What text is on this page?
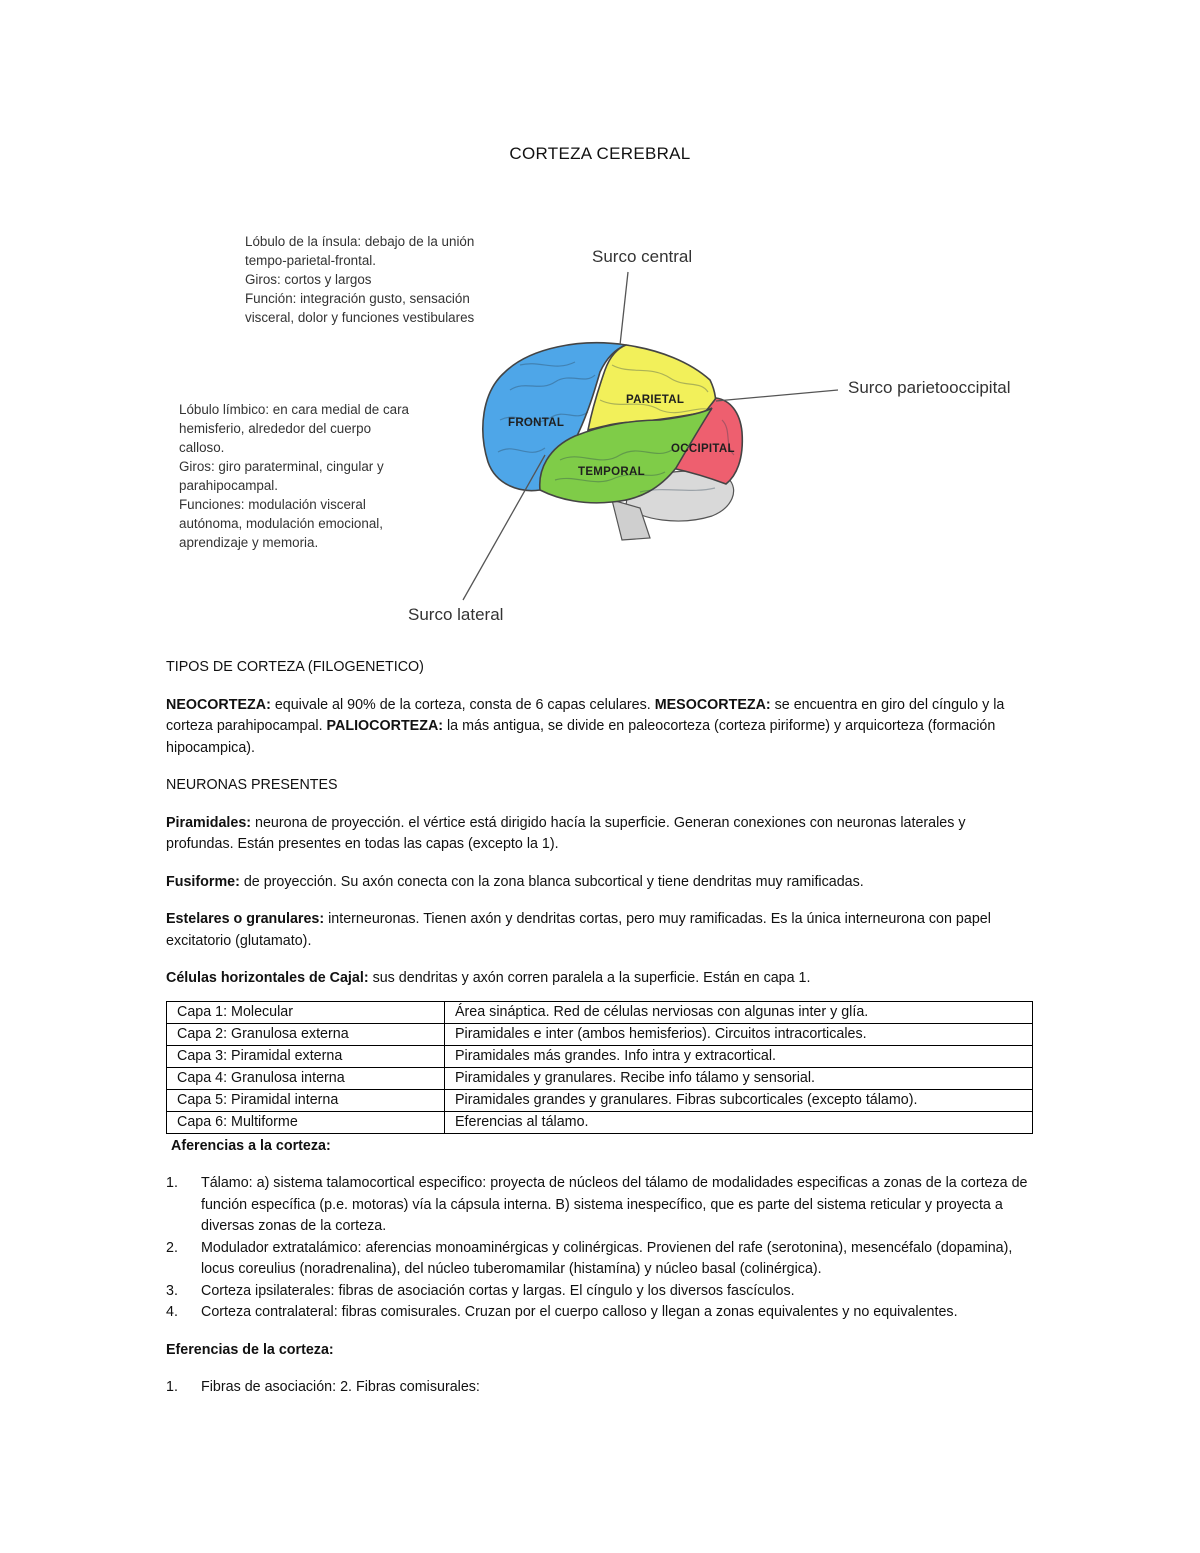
CORTEZA CEREBRAL
Lóbulo de la ínsula: debajo de la unión
tempo-parietal-frontal.
Giros: cortos y largos
Función: integración gusto, sensación
visceral, dolor y funciones vestibulares
Lóbulo límbico: en cara medial de cara
hemisferio, alrededor del cuerpo
calloso.
Giros: giro paraterminal, cingular y
parahipocampal.
Funciones: modulación visceral
autónoma, modulación emocional,
aprendizaje y memoria.
FRONTAL
PARIETAL
OCCIPITAL
TEMPORAL
Surco central
Surco parietooccipital
Surco lateral

TIPOS DE CORTEZA (FILOGENETICO)

NEOCORTEZA: equivale al 90% de la corteza, consta de 6 capas celulares. MESOCORTEZA: se encuentra en giro del cíngulo y la corteza parahipocampal. PALIOCORTEZA: la más antigua, se divide en paleocorteza (corteza piriforme) y arquicorteza (formación hipocampica).

NEURONAS PRESENTES

Piramidales: neurona de proyección. el vértice está dirigido hacía la superficie. Generan conexiones con neuronas laterales y profundas. Están presentes en todas las capas (excepto la 1).

Fusiforme: de proyección. Su axón conecta con la zona blanca subcortical y tiene dendritas muy ramificadas.

Estelares o granulares: interneuronas. Tienen axón y dendritas cortas, pero muy ramificadas. Es la única interneurona con papel excitatorio (glutamato).

Células horizontales de Cajal: sus dendritas y axón corren paralela a la superficie. Están en capa 1.

Capa 1: Molecular	Área sináptica. Red de células nerviosas con algunas inter y glía.
Capa 2: Granulosa externa	Piramidales e inter (ambos hemisferios). Circuitos intracorticales.
Capa 3: Piramidal externa	Piramidales más grandes. Info intra y extracortical.
Capa 4: Granulosa interna	Piramidales y granulares. Recibe info tálamo y sensorial.
Capa 5: Piramidal interna	Piramidales grandes y granulares. Fibras subcorticales (excepto tálamo).
Capa 6: Multiforme	Eferencias al tálamo.
Aferencias a la corteza:
1. Tálamo: a) sistema talamocortical especifico: proyecta de núcleos del tálamo de modalidades especificas a zonas de la corteza de función específica (p.e. motoras) vía la cápsula interna. B) sistema inespecífico, que es parte del sistema reticular y proyecta a diversas zonas de la corteza.
2. Modulador extratalámico: aferencias monoaminérgicas y colinérgicas. Provienen del rafe (serotonina), mesencéfalo (dopamina), locus coreulius (noradrenalina), del núcleo tuberomamilar (histamína) y núcleo basal (colinérgica).
3. Corteza ipsilaterales: fibras de asociación cortas y largas. El cíngulo y los diversos fascículos.
4. Corteza contralateral: fibras comisurales. Cruzan por el cuerpo calloso y llegan a zonas equivalentes y no equivalentes.
Eferencias de la corteza:
1. Fibras de asociación: 2. Fibras comisurales:
